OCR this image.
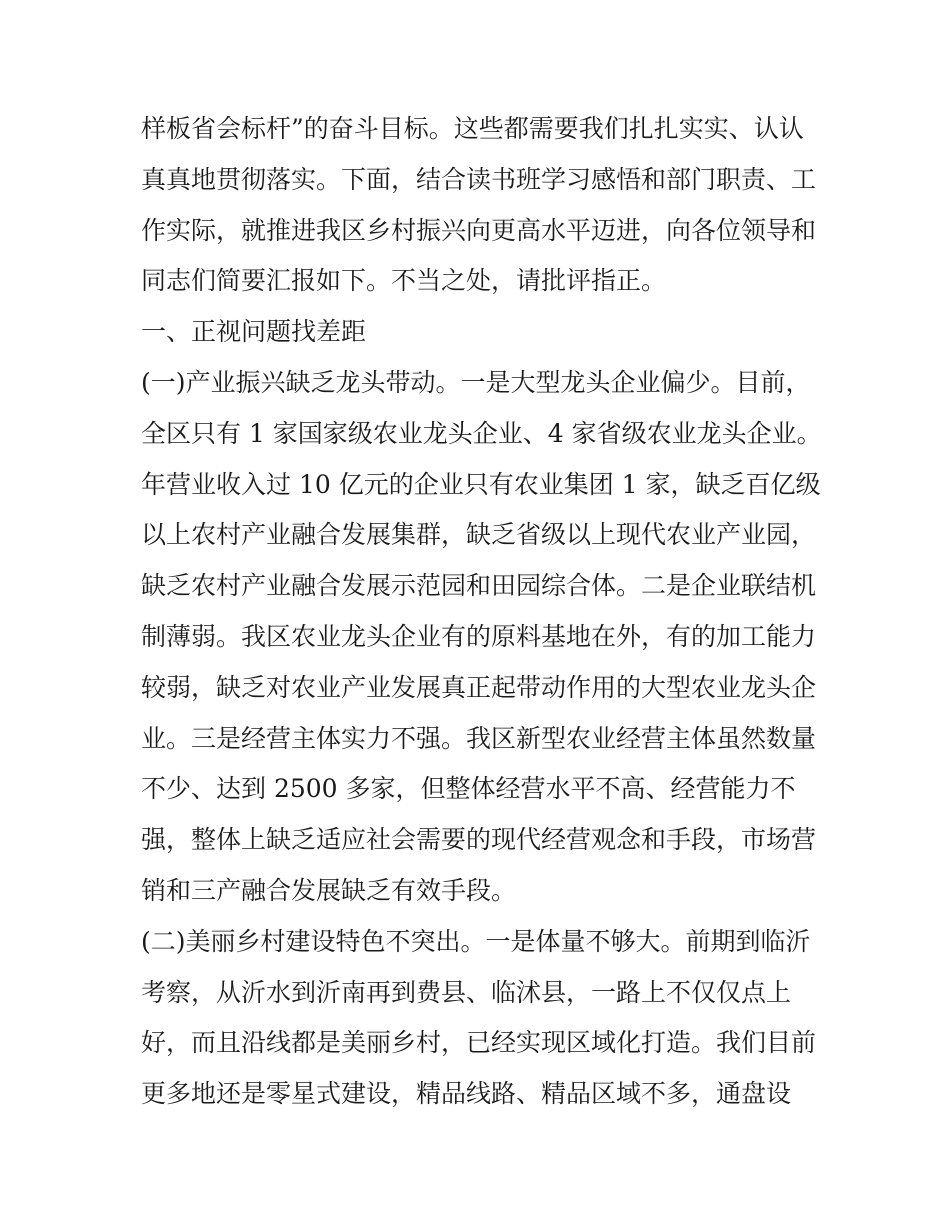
样板省会标杆”的奋斗目标。这些都需要我们扎扎实实、认认
真真地贯彻落实。下面，结合读书班学习感悟和部门职责、工
作实际，就推进我区乡村振兴向更高水平迈进，向各位领导和
同志们简要汇报如下。不当之处，请批评指正。
一、正视问题找差距
(一)产业振兴缺乏龙头带动。一是大型龙头企业偏少。目前，
全区只有 1 家国家级农业龙头企业、4 家省级农业龙头企业。
年营业收入过 10 亿元的企业只有农业集团 1 家，缺乏百亿级
以上农村产业融合发展集群，缺乏省级以上现代农业产业园，
缺乏农村产业融合发展示范园和田园综合体。二是企业联结机
制薄弱。我区农业龙头企业有的原料基地在外，有的加工能力
较弱，缺乏对农业产业发展真正起带动作用的大型农业龙头企
业。三是经营主体实力不强。我区新型农业经营主体虽然数量
不少、达到 2500 多家，但整体经营水平不高、经营能力不
强，整体上缺乏适应社会需要的现代经营观念和手段，市场营
销和三产融合发展缺乏有效手段。
(二)美丽乡村建设特色不突出。一是体量不够大。前期到临沂
考察，从沂水到沂南再到费县、临沭县，一路上不仅仅点上
好，而且沿线都是美丽乡村，已经实现区域化打造。我们目前
更多地还是零星式建设，精品线路、精品区域不多，通盘设
